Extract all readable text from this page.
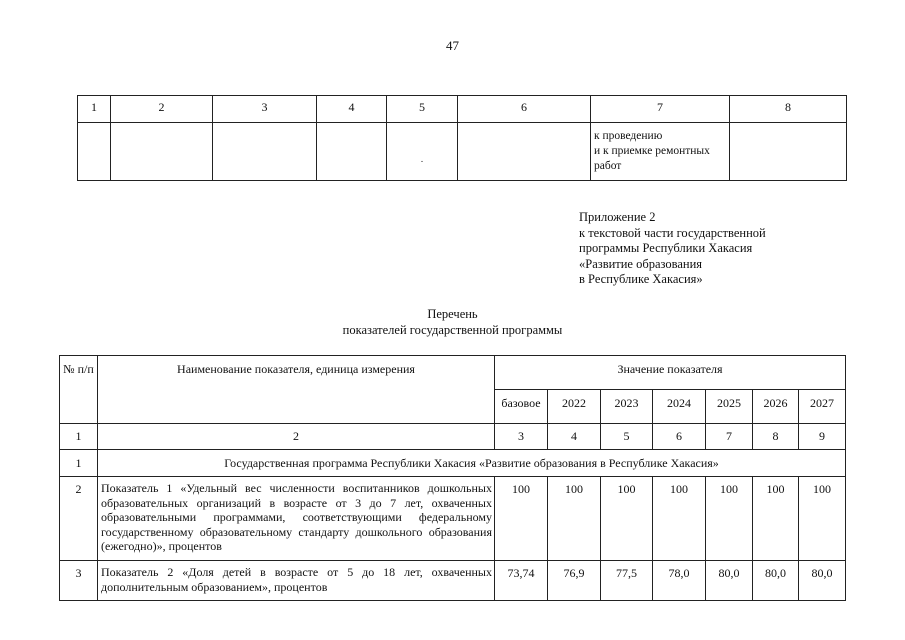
47
1	2	3	4	5	6	7	8
				.		к проведению
и к приемке ремонтных
работ	

Приложение 2
к текстовой части государственной
программы Республики Хакасия
«Развитие образования
в Республике Хакасия»
Перечень
показателей государственной программы
№ п/п	Наименование показателя, единица измерения	Значение показателя						
		базовое	2022	2023	2024	2025	2026	2027
1	2	3	4	5	6	7	8	9
1	Государственная программа Республики Хакасия «Развитие образования в Республике Хакасия»							
2	Показатель 1 «Удельный вес численности воспитанников дошкольных образовательных организаций в возрасте от 3 до 7 лет, охваченных образовательными программами, соответствующими федеральному государственному образовательному стандарту дошкольного образования (ежегодно)», процентов	100	100	100	100	100	100	100
3	Показатель 2 «Доля детей в возрасте от 5 до 18 лет, охваченных дополнительным образованием», процентов	73,74	76,9	77,5	78,0	80,0	80,0	80,0
